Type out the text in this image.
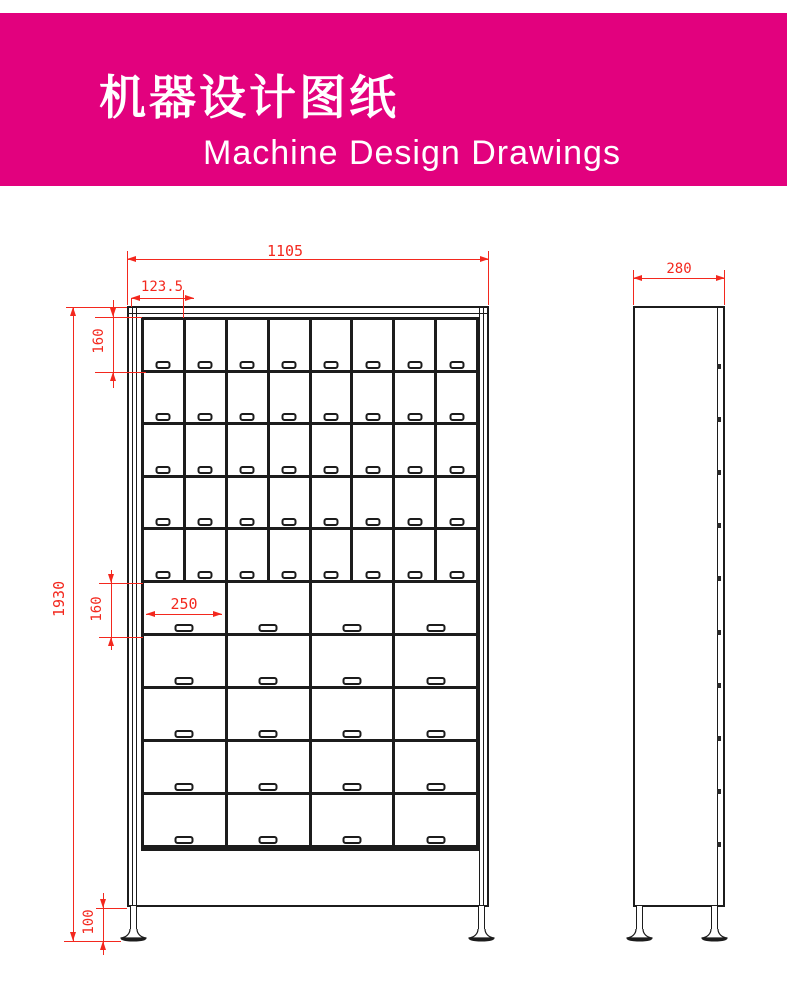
机器设计图纸
Machine Design Drawings
1105
123.5
280
1930
160
160	250
100
